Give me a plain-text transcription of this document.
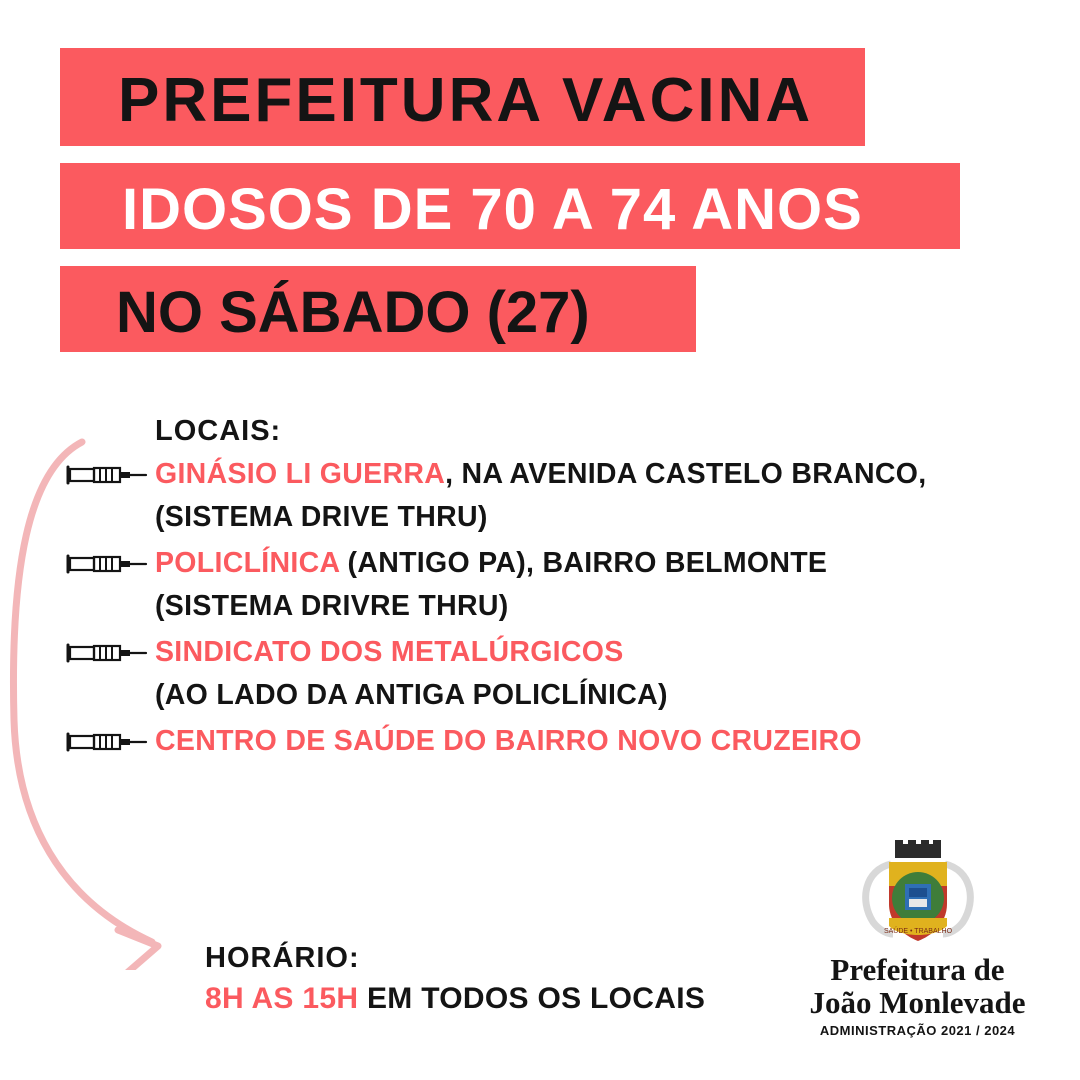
PREFEITURA VACINA
IDOSOS DE 70 A 74 ANOS
NO SÁBADO (27)
LOCAIS:
GINÁSIO LI GUERRA, NA AVENIDA CASTELO BRANCO,
(SISTEMA DRIVE THRU)
POLICLÍNICA (ANTIGO PA), BAIRRO BELMONTE
(SISTEMA DRIVRE THRU)
SINDICATO DOS METALÚRGICOS
(AO LADO DA ANTIGA POLICLÍNICA)
CENTRO DE SAÚDE DO BAIRRO NOVO CRUZEIRO
HORÁRIO:
8H AS 15H EM TODOS OS LOCAIS
SAÚDE • TRABALHO
Prefeitura de
João Monlevade
ADMINISTRAÇÃO 2021 / 2024
